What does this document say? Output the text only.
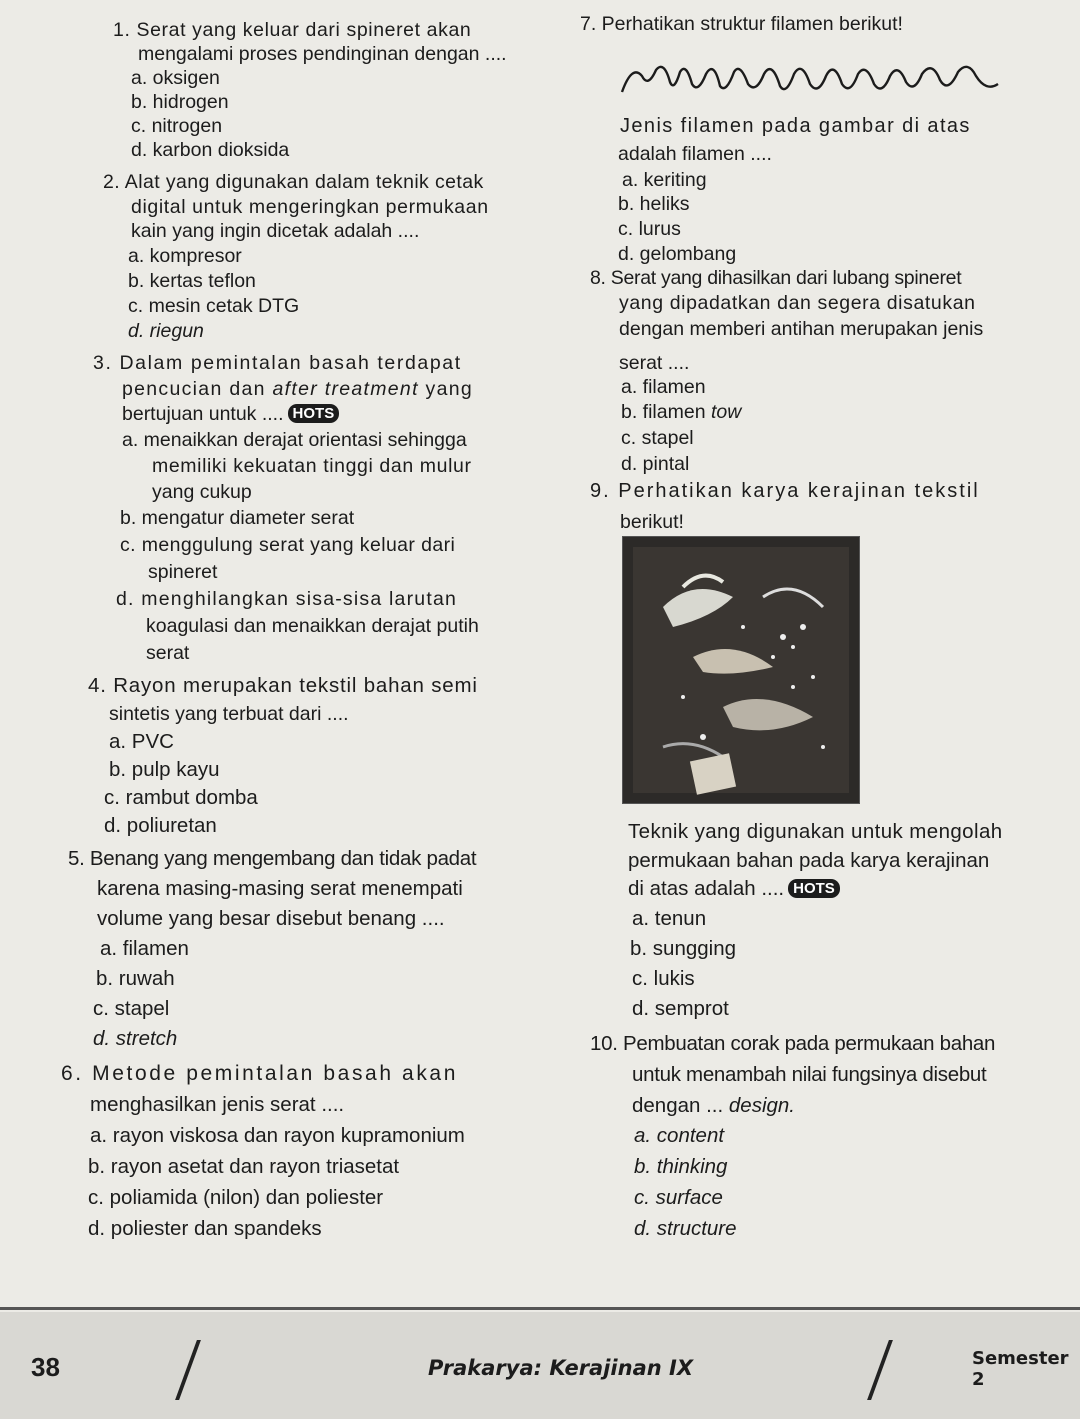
1. Serat yang keluar dari spineret akan
mengalami proses pendinginan dengan ....
a. oksigen
b. hidrogen
c. nitrogen
d. karbon dioksida
2. Alat yang digunakan dalam teknik cetak
digital untuk mengeringkan permukaan
kain yang ingin dicetak adalah ....
a. kompresor
b. kertas teflon
c. mesin cetak DTG
d. riegun
3. Dalam pemintalan basah terdapat
pencucian dan after treatment yang
bertujuan untuk .... HOTS
a. menaikkan derajat orientasi sehingga
memiliki kekuatan tinggi dan mulur
yang cukup
b. mengatur diameter serat
c. menggulung serat yang keluar dari
spineret
d. menghilangkan sisa-sisa larutan
koagulasi dan menaikkan derajat putih
serat
4. Rayon merupakan tekstil bahan semi
sintetis yang terbuat dari ....
a. PVC
b. pulp kayu
c. rambut domba
d. poliuretan
5. Benang yang mengembang dan tidak padat
karena masing-masing serat menempati
volume yang besar disebut benang ....
a. filamen
b. ruwah
c. stapel
d. stretch
6. Metode pemintalan basah akan
menghasilkan jenis serat ....
a. rayon viskosa dan rayon kupramonium
b. rayon asetat dan rayon triasetat
c. poliamida (nilon) dan poliester
d. poliester dan spandeks
7. Perhatikan struktur filamen berikut!
Jenis filamen pada gambar di atas
adalah filamen ....
a. keriting
b. heliks
c. lurus
d. gelombang
8. Serat yang dihasilkan dari lubang spineret
yang dipadatkan dan segera disatukan
dengan memberi antihan merupakan jenis
serat ....
a. filamen
b. filamen tow
c. stapel
d. pintal
9. Perhatikan karya kerajinan tekstil
berikut!
Teknik yang digunakan untuk mengolah
permukaan bahan pada karya kerajinan
di atas adalah .... HOTS
a. tenun
b. sungging
c. lukis
d. semprot
10. Pembuatan corak pada permukaan bahan
untuk menambah nilai fungsinya disebut
dengan ... design.
a. content
b. thinking
c. surface
d. structure
38	Prakarya: Kerajinan IX	Semester 2
